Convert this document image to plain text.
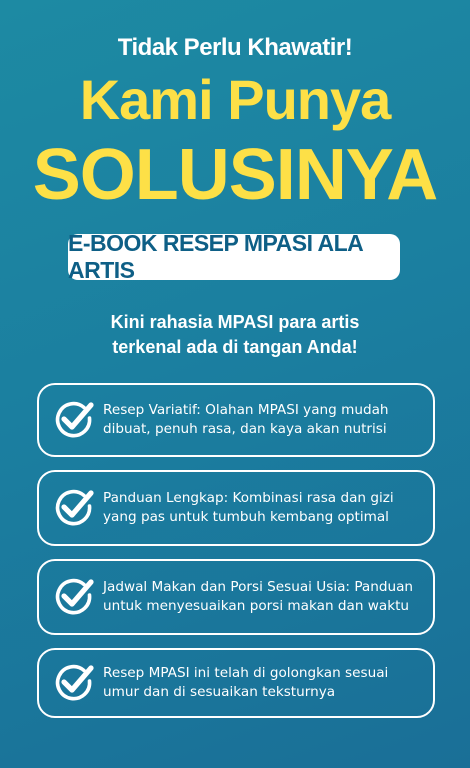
Tidak Perlu Khawatir!
Kami Punya
SOLUSINYA
E-BOOK RESEP MPASI ALA ARTIS
Kini rahasia MPASI para artis
terkenal ada di tangan Anda!
Resep Variatif: Olahan MPASI yang mudah dibuat, penuh rasa, dan kaya akan nutrisi
Panduan Lengkap: Kombinasi rasa dan gizi yang pas untuk tumbuh kembang optimal
Jadwal Makan dan Porsi Sesuai Usia: Panduan untuk menyesuaikan porsi makan dan waktu
Resep MPASI ini telah di golongkan sesuai umur dan di sesuaikan teksturnya
